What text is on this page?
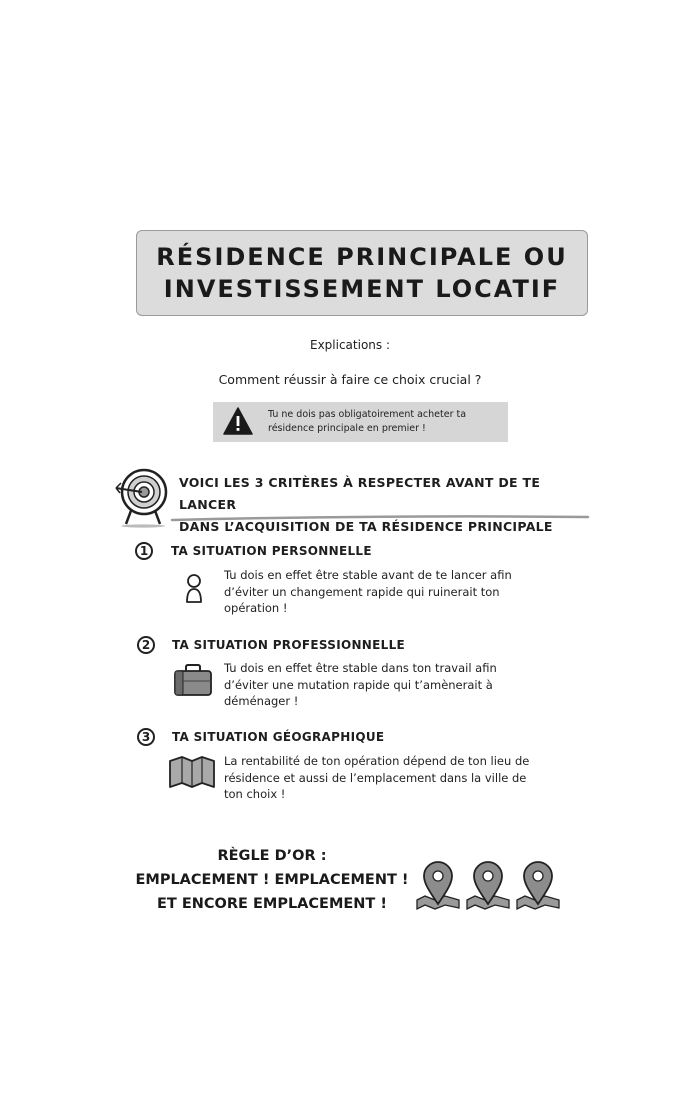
RÉSIDENCE PRINCIPALE OU
INVESTISSEMENT LOCATIF
Explications :
Comment réussir à faire ce choix crucial ?
Tu ne dois pas obligatoirement acheter ta
résidence principale en premier !
VOICI LES 3 CRITÈRES À RESPECTER AVANT DE TE LANCER
DANS L’ACQUISITION DE TA RÉSIDENCE PRINCIPALE
1	TA SITUATION PERSONNELLE
Tu dois en effet être stable avant de te lancer afin
d’éviter un changement rapide qui ruinerait ton
opération !
2	TA SITUATION PROFESSIONNELLE
Tu dois en effet être stable dans ton travail afin
d’éviter une mutation rapide qui t’amènerait à
déménager !
3	TA SITUATION GÉOGRAPHIQUE
La rentabilité de ton opération dépend de ton lieu de
résidence et aussi de l’emplacement dans la ville de
ton choix !
RÈGLE D’OR :
EMPLACEMENT ! EMPLACEMENT !
ET ENCORE EMPLACEMENT !
